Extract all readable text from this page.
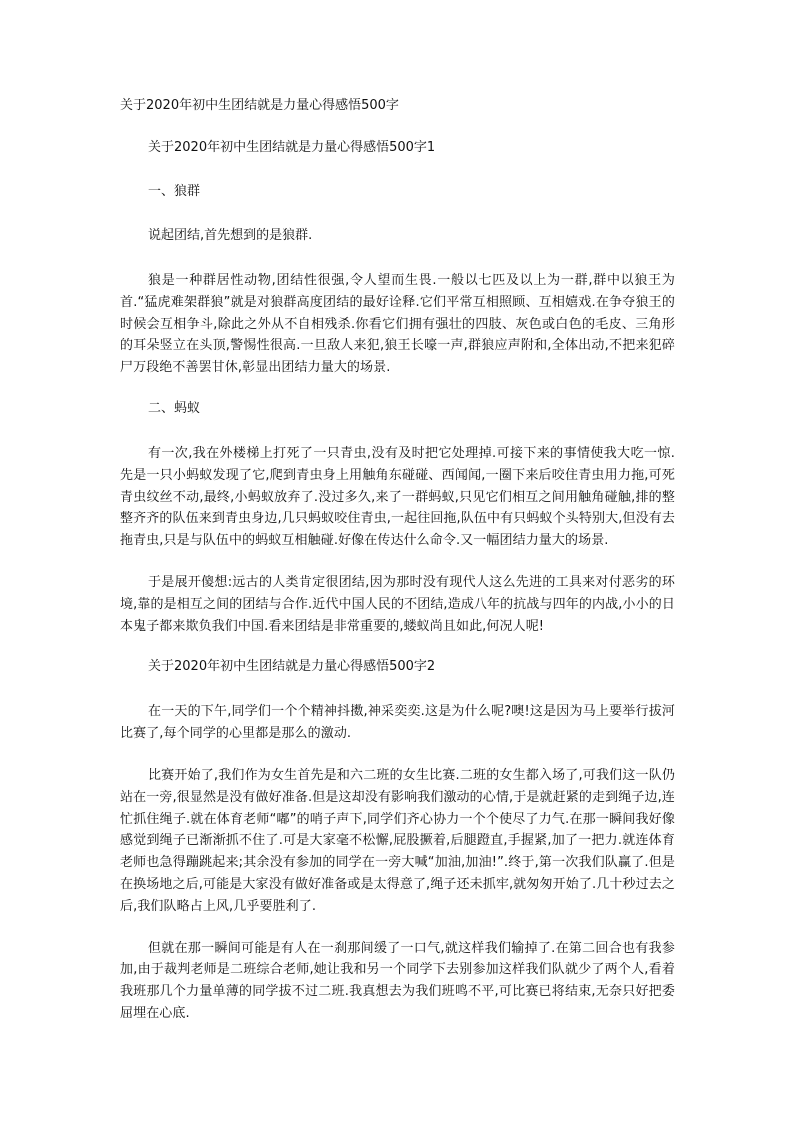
关于2020年初中生团结就是力量心得感悟500字

关于2020年初中生团结就是力量心得感悟500字1

一、狼群

说起团结,首先想到的是狼群.

狼是一种群居性动物,团结性很强,令人望而生畏.一般以七匹及以上为一群,群中以狼王为首.“猛虎难架群狼”就是对狼群高度团结的最好诠释.它们平常互相照顾、互相嬉戏.在争夺狼王的时候会互相争斗,除此之外从不自相残杀.你看它们拥有强壮的四肢、灰色或白色的毛皮、三角形的耳朵竖立在头顶,警惕性很高.一旦敌人来犯,狼王长嚎一声,群狼应声附和,全体出动,不把来犯碎尸万段绝不善罢甘休,彰显出团结力量大的场景.

二、蚂蚁

有一次,我在外楼梯上打死了一只青虫,没有及时把它处理掉.可接下来的事情使我大吃一惊.先是一只小蚂蚁发现了它,爬到青虫身上用触角东碰碰、西闻闻,一圈下来后咬住青虫用力拖,可死青虫纹丝不动,最终,小蚂蚁放弃了.没过多久,来了一群蚂蚁,只见它们相互之间用触角碰触,排的整整齐齐的队伍来到青虫身边,几只蚂蚁咬住青虫,一起往回拖,队伍中有只蚂蚁个头特别大,但没有去拖青虫,只是与队伍中的蚂蚁互相触碰.好像在传达什么命令.又一幅团结力量大的场景.

于是展开傻想:远古的人类肯定很团结,因为那时没有现代人这么先进的工具来对付恶劣的环境,靠的是相互之间的团结与合作.近代中国人民的不团结,造成八年的抗战与四年的内战,小小的日本鬼子都来欺负我们中国.看来团结是非常重要的,蝼蚁尚且如此,何况人呢!

关于2020年初中生团结就是力量心得感悟500字2

在一天的下午,同学们一个个精神抖擞,神采奕奕.这是为什么呢?噢!这是因为马上要举行拔河比赛了,每个同学的心里都是那么的激动.

比赛开始了,我们作为女生首先是和六二班的女生比赛.二班的女生都入场了,可我们这一队仍站在一旁,很显然是没有做好准备.但是这却没有影响我们激动的心情,于是就赶紧的走到绳子边,连忙抓住绳子.就在体育老师“嘟”的哨子声下,同学们齐心协力一个个使尽了力气.在那一瞬间我好像感觉到绳子已渐渐抓不住了.可是大家毫不松懈,屁股撅着,后腿蹬直,手握紧,加了一把力.就连体育老师也急得蹦跳起来;其余没有参加的同学在一旁大喊“加油,加油!”.终于,第一次我们队赢了.但是在换场地之后,可能是大家没有做好准备或是太得意了,绳子还未抓牢,就匆匆开始了.几十秒过去之后,我们队略占上风,几乎要胜利了.

但就在那一瞬间可能是有人在一刹那间缓了一口气,就这样我们输掉了.在第二回合也有我参加,由于裁判老师是二班综合老师,她让我和另一个同学下去别参加这样我们队就少了两个人,看着我班那几个力量单薄的同学拔不过二班.我真想去为我们班鸣不平,可比赛已将结束,无奈只好把委屈埋在心底.
